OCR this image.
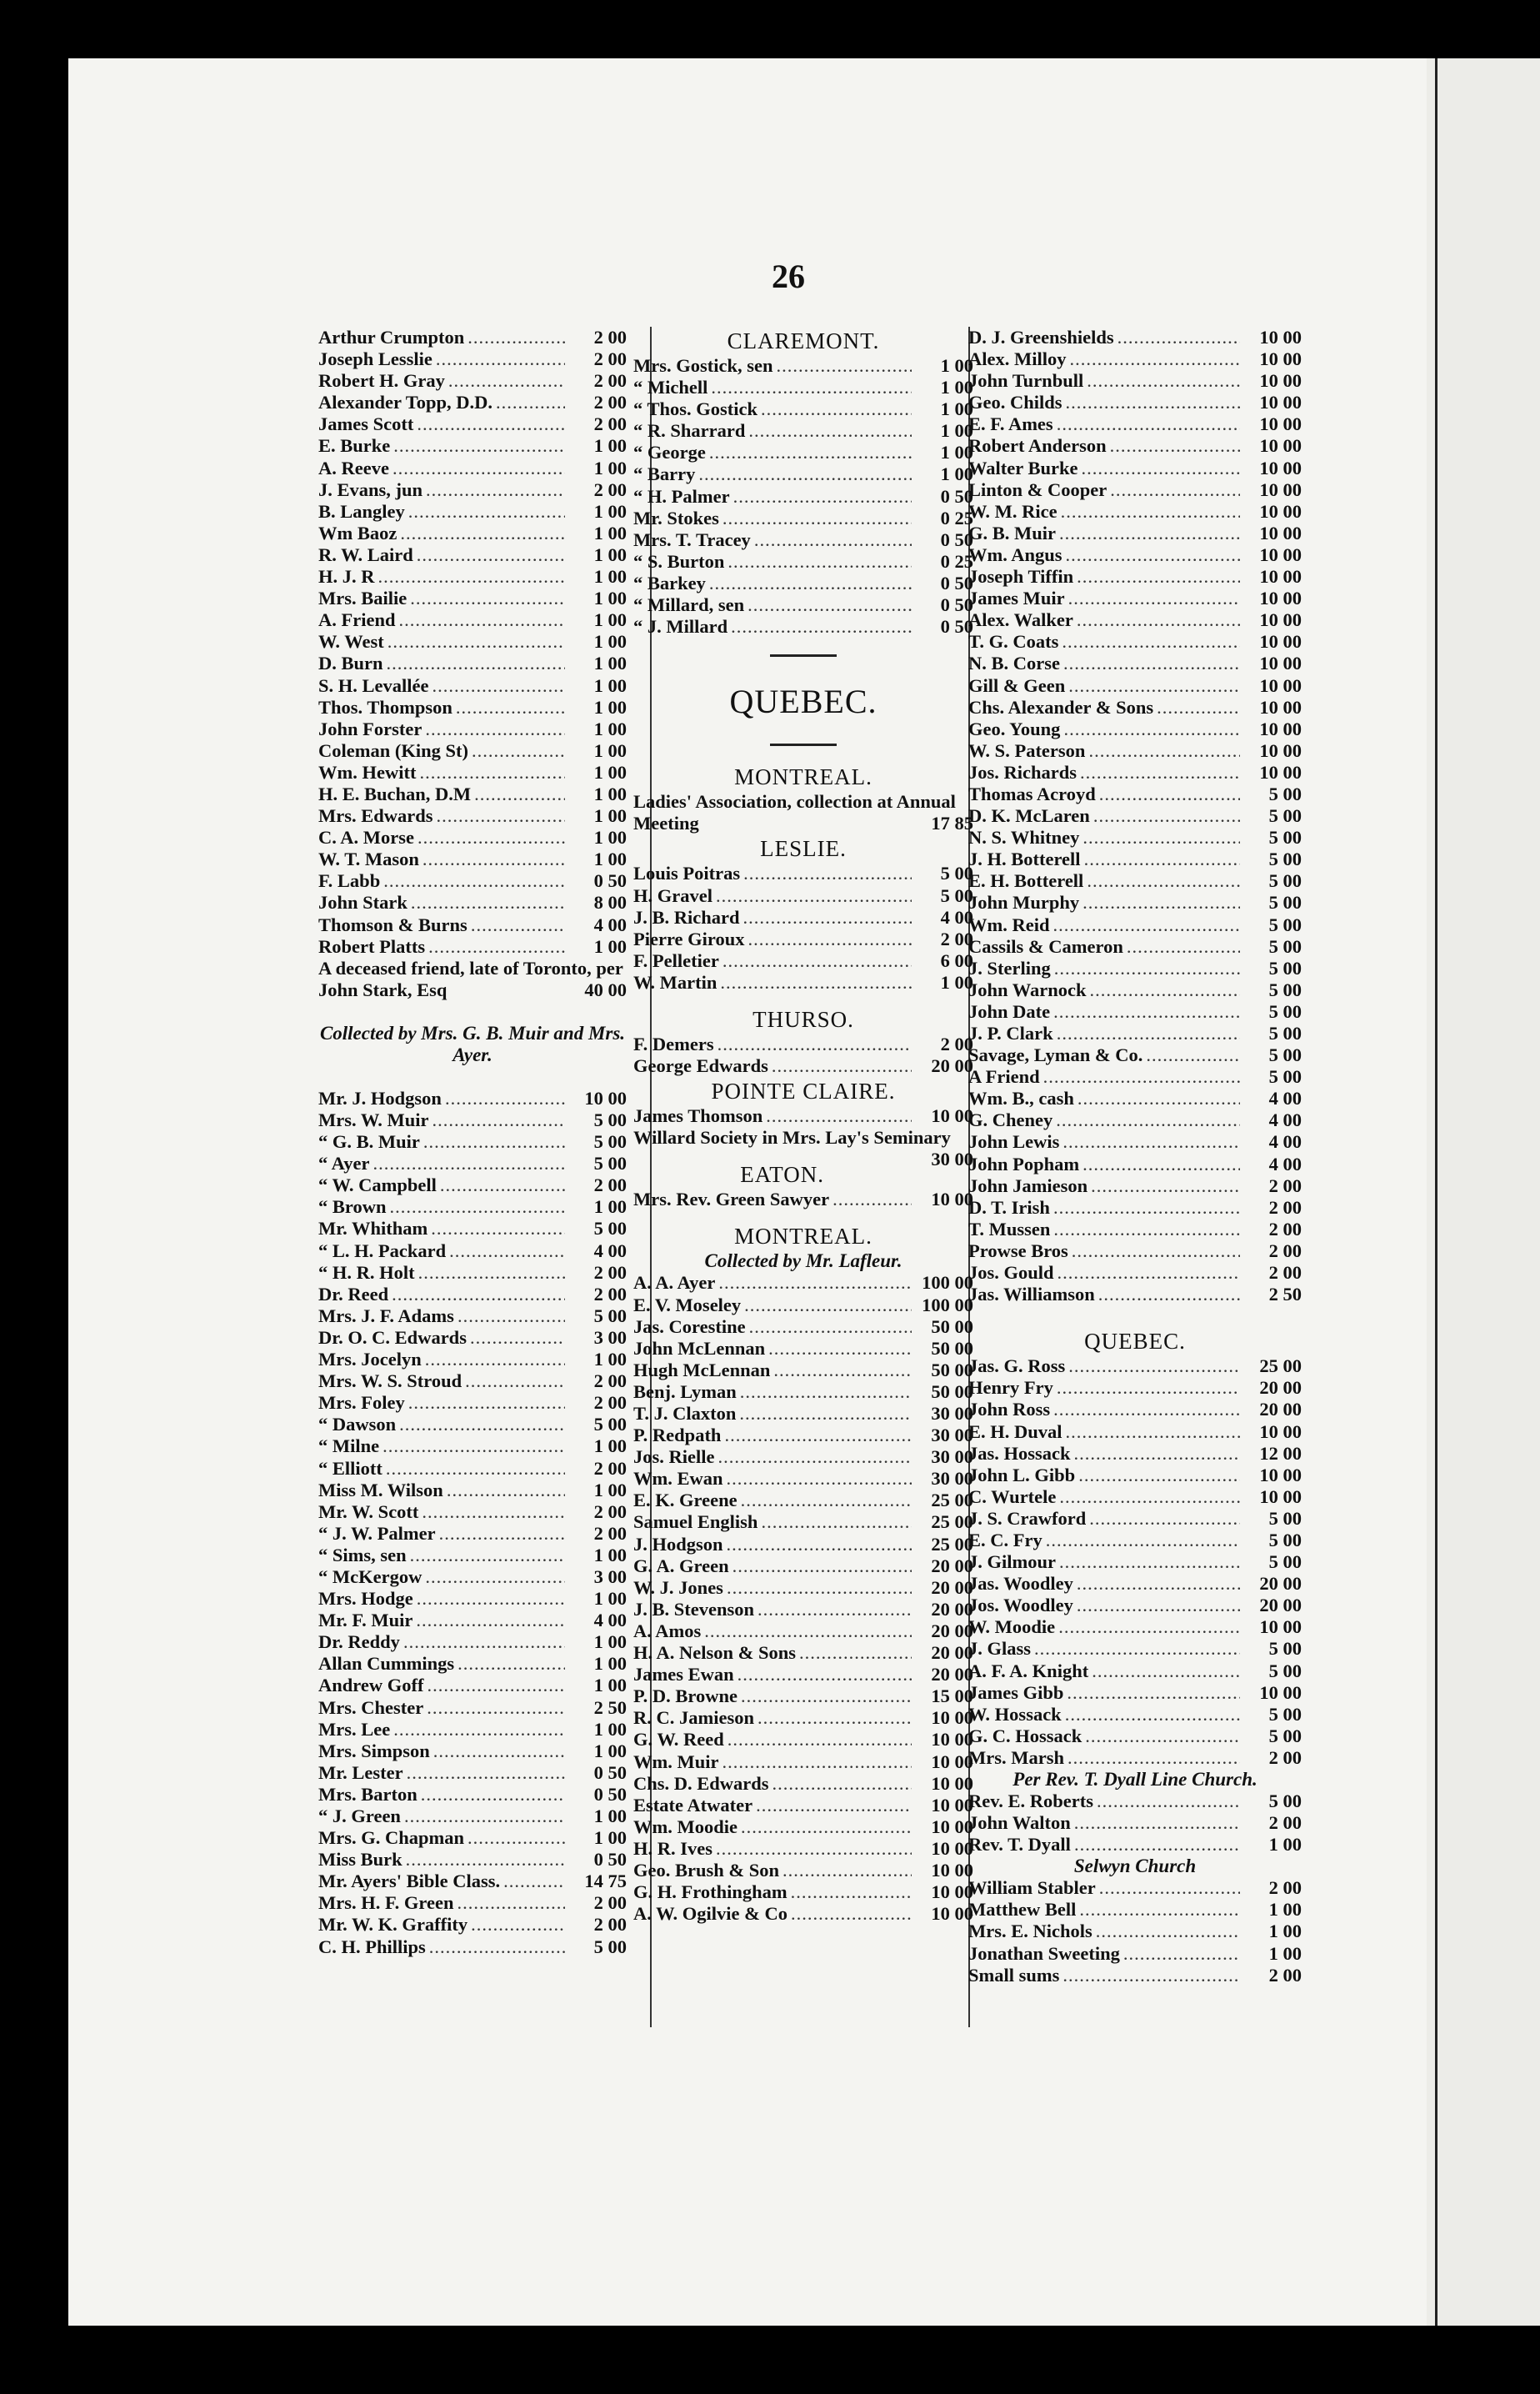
26
Arthur Crumpton .....	2 00
Joseph Lesslie .....	2 00
Robert H. Gray .....	2 00
Alexander Topp, D.D. .....	2 00
James Scott .....	2 00
E. Burke .....	1 00
A. Reeve .....	1 00
J. Evans, jun .....	2 00
B. Langley .....	1 00
Wm Baoz .....	1 00
R. W. Laird .....	1 00
H. J. R .....	1 00
Mrs. Bailie .....	1 00
A. Friend .....	1 00
W. West .....	1 00
D. Burn .....	1 00
S. H. Levallée .....	1 00
Thos. Thompson .....	1 00
John Forster .....	1 00
Coleman (King St) .....	1 00
Wm. Hewitt .....	1 00
H. E. Buchan, D.M .....	1 00
Mrs. Edwards .....	1 00
C. A. Morse .....	1 00
W. T. Mason .....	1 00
F. Labb .....	0 50
John Stark .....	8 00
Thomson & Burns .....	4 00
Robert Platts .....	1 00
A deceased friend, late of Toronto, per John Stark, Esq	40 00
Collected by Mrs. G. B. Muir and Mrs. Ayer.
Mr. J. Hodgson .....	10 00
Mrs. W. Muir .....	5 00
“ G. B. Muir .....	5 00
“ Ayer .....	5 00
“ W. Campbell .....	2 00
“ Brown .....	1 00
Mr. Whitham .....	5 00
“ L. H. Packard .....	4 00
“ H. R. Holt .....	2 00
Dr. Reed .....	2 00
Mrs. J. F. Adams .....	5 00
Dr. O. C. Edwards .....	3 00
Mrs. Jocelyn .....	1 00
Mrs. W. S. Stroud .....	2 00
Mrs. Foley .....	2 00
“ Dawson .....	5 00
“ Milne .....	1 00
“ Elliott .....	2 00
Miss M. Wilson .....	1 00
Mr. W. Scott .....	2 00
“ J. W. Palmer .....	2 00
“ Sims, sen .....	1 00
“ McKergow .....	3 00
Mrs. Hodge .....	1 00
Mr. F. Muir .....	4 00
Dr. Reddy .....	1 00
Allan Cummings .....	1 00
Andrew Goff .....	1 00
Mrs. Chester .....	2 50
Mrs. Lee .....	1 00
Mrs. Simpson .....	1 00
Mr. Lester .....	0 50
Mrs. Barton .....	0 50
“ J. Green .....	1 00
Mrs. G. Chapman .....	1 00
Miss Burk .....	0 50
Mr. Ayers' Bible Class. .....	14 75
Mrs. H. F. Green .....	2 00
Mr. W. K. Graffity .....	2 00
C. H. Phillips .....	5 00
CLAREMONT.
Mrs. Gostick, sen .....	1 00
“ Michell .....	1 00
“ Thos. Gostick .....	1 00
“ R. Sharrard .....	1 00
“ George .....	1 00
“ Barry .....	1 00
“ H. Palmer .....	0 50
Mr. Stokes .....	0 25
Mrs. T. Tracey .....	0 50
“ S. Burton .....	0 25
“ Barkey .....	0 50
“ Millard, sen .....	0 50
“ J. Millard .....	0 50
QUEBEC.
MONTREAL.
Ladies' Association, collection at Annual Meeting	17 85
LESLIE.
Louis Poitras .....	5 00
H. Gravel .....	5 00
J. B. Richard .....	4 00
Pierre Giroux .....	2 00
F. Pelletier .....	6 00
W. Martin .....	1 00
THURSO.
F. Demers .....	2 00
George Edwards .....	20 00
POINTE CLAIRE.
James Thomson .....	10 00
Willard Society in Mrs. Lay's Seminary
30 00
EATON.
Mrs. Rev. Green Sawyer .....	10 00
MONTREAL.
Collected by Mr. Lafleur.
A. A. Ayer .....	100 00
E. V. Moseley .....	100 00
Jas. Corestine .....	50 00
John McLennan .....	50 00
Hugh McLennan .....	50 00
Benj. Lyman .....	50 00
T. J. Claxton .....	30 00
P. Redpath .....	30 00
Jos. Rielle .....	30 00
Wm. Ewan .....	30 00
E. K. Greene .....	25 00
Samuel English .....	25 00
J. Hodgson .....	25 00
G. A. Green .....	20 00
W. J. Jones .....	20 00
J. B. Stevenson .....	20 00
A. Amos .....	20 00
H. A. Nelson & Sons .....	20 00
James Ewan .....	20 00
P. D. Browne .....	15 00
R. C. Jamieson .....	10 00
G. W. Reed .....	10 00
Wm. Muir .....	10 00
Chs. D. Edwards .....	10 00
Estate Atwater .....	10 00
Wm. Moodie .....	10 00
H. R. Ives .....	10 00
Geo. Brush & Son .....	10 00
G. H. Frothingham .....	10 00
A. W. Ogilvie & Co .....	10 00
D. J. Greenshields .....	10 00
Alex. Milloy .....	10 00
John Turnbull .....	10 00
Geo. Childs .....	10 00
E. F. Ames .....	10 00
Robert Anderson .....	10 00
Walter Burke .....	10 00
Linton & Cooper .....	10 00
W. M. Rice .....	10 00
G. B. Muir .....	10 00
Wm. Angus .....	10 00
Joseph Tiffin .....	10 00
James Muir .....	10 00
Alex. Walker .....	10 00
T. G. Coats .....	10 00
N. B. Corse .....	10 00
Gill & Geen .....	10 00
Chs. Alexander & Sons .....	10 00
Geo. Young .....	10 00
W. S. Paterson .....	10 00
Jos. Richards .....	10 00
Thomas Acroyd .....	5 00
D. K. McLaren .....	5 00
N. S. Whitney .....	5 00
J. H. Botterell .....	5 00
E. H. Botterell .....	5 00
John Murphy .....	5 00
Wm. Reid .....	5 00
Cassils & Cameron .....	5 00
J. Sterling .....	5 00
John Warnock .....	5 00
John Date .....	5 00
J. P. Clark .....	5 00
Savage, Lyman & Co. .....	5 00
A Friend .....	5 00
Wm. B., cash .....	4 00
G. Cheney .....	4 00
John Lewis .....	4 00
John Popham .....	4 00
John Jamieson .....	2 00
D. T. Irish .....	2 00
T. Mussen .....	2 00
Prowse Bros .....	2 00
Jos. Gould .....	2 00
Jas. Williamson .....	2 50
QUEBEC.
Jas. G. Ross .....	25 00
Henry Fry .....	20 00
John Ross .....	20 00
E. H. Duval .....	10 00
Jas. Hossack .....	12 00
John L. Gibb .....	10 00
C. Wurtele .....	10 00
J. S. Crawford .....	5 00
E. C. Fry .....	5 00
J. Gilmour .....	5 00
Jas. Woodley .....	20 00
Jos. Woodley .....	20 00
W. Moodie .....	10 00
J. Glass .....	5 00
A. F. A. Knight .....	5 00
James Gibb .....	10 00
W. Hossack .....	5 00
G. C. Hossack .....	5 00
Mrs. Marsh .....	2 00
Per Rev. T. Dyall Line Church.
Rev. E. Roberts .....	5 00
John Walton .....	2 00
Rev. T. Dyall .....	1 00
Selwyn Church
William Stabler .....	2 00
Matthew Bell .....	1 00
Mrs. E. Nichols .....	1 00
Jonathan Sweeting .....	1 00
Small sums .....	2 00
